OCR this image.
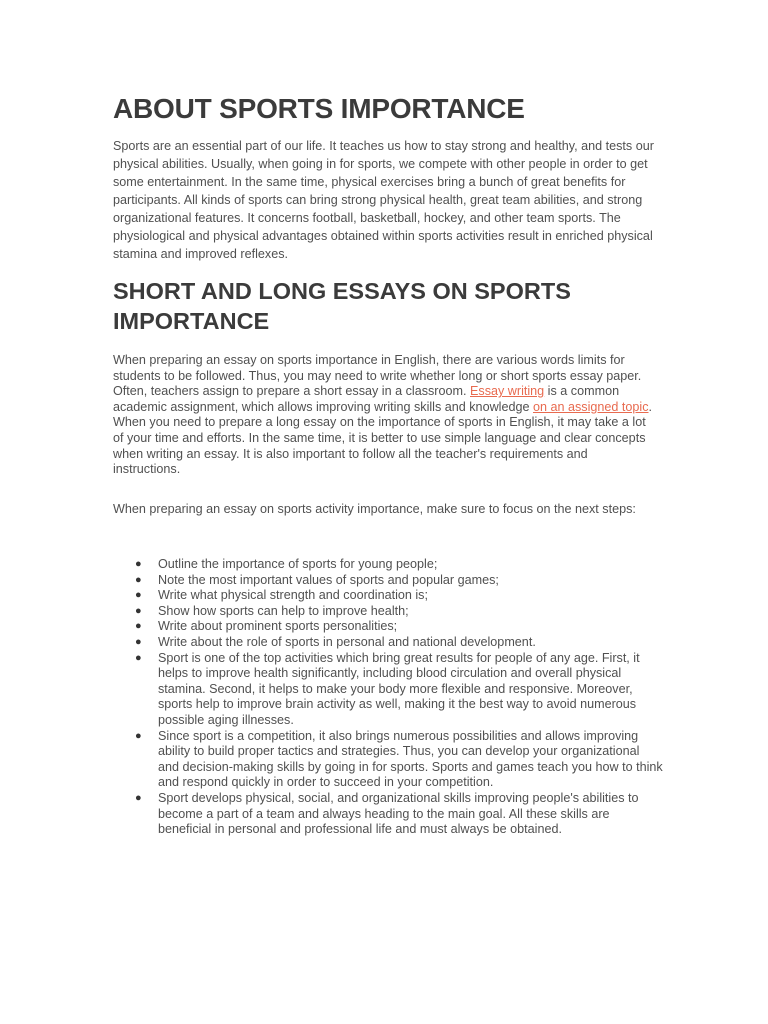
ABOUT SPORTS IMPORTANCE

Sports are an essential part of our life. It teaches us how to stay strong and healthy, and tests our physical abilities. Usually, when going in for sports, we compete with other people in order to get some entertainment. In the same time, physical exercises bring a bunch of great benefits for participants. All kinds of sports can bring strong physical health, great team abilities, and strong organizational features. It concerns football, basketball, hockey, and other team sports. The physiological and physical advantages obtained within sports activities result in enriched physical stamina and improved reflexes.

SHORT AND LONG ESSAYS ON SPORTS IMPORTANCE

When preparing an essay on sports importance in English, there are various words limits for students to be followed. Thus, you may need to write whether long or short sports essay paper. Often, teachers assign to prepare a short essay in a classroom. Essay writing is a common academic assignment, which allows improving writing skills and knowledge on an assigned topic. When you need to prepare a long essay on the importance of sports in English, it may take a lot of your time and efforts. In the same time, it is better to use simple language and clear concepts when writing an essay. It is also important to follow all the teacher's requirements and instructions.

When preparing an essay on sports activity importance, make sure to focus on the next steps:

● Outline the importance of sports for young people;
● Note the most important values of sports and popular games;
● Write what physical strength and coordination is;
● Show how sports can help to improve health;
● Write about prominent sports personalities;
● Write about the role of sports in personal and national development.
● Sport is one of the top activities which bring great results for people of any age. First, it helps to improve health significantly, including blood circulation and overall physical stamina. Second, it helps to make your body more flexible and responsive. Moreover, sports help to improve brain activity as well, making it the best way to avoid numerous possible aging illnesses.
● Since sport is a competition, it also brings numerous possibilities and allows improving ability to build proper tactics and strategies. Thus, you can develop your organizational and decision-making skills by going in for sports. Sports and games teach you how to think and respond quickly in order to succeed in your competition.
● Sport develops physical, social, and organizational skills improving people's abilities to become a part of a team and always heading to the main goal. All these skills are beneficial in personal and professional life and must always be obtained.
